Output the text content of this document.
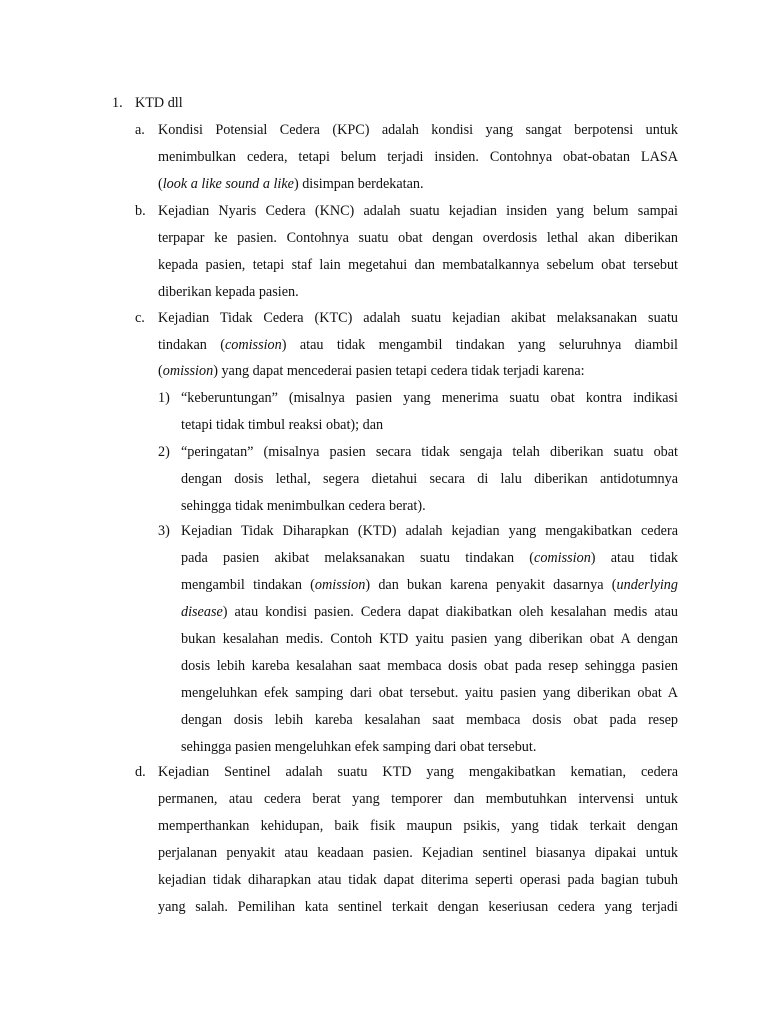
1. KTD dll
a. Kondisi Potensial Cedera (KPC) adalah kondisi yang sangat berpotensi untuk
menimbulkan cedera, tetapi belum terjadi insiden. Contohnya obat-obatan LASA
(look a like sound a like) disimpan berdekatan.
b. Kejadian Nyaris Cedera (KNC) adalah suatu kejadian insiden yang belum sampai
terpapar ke pasien. Contohnya suatu obat dengan overdosis lethal akan diberikan
kepada pasien, tetapi staf lain megetahui dan membatalkannya sebelum obat tersebut
diberikan kepada pasien.
c. Kejadian Tidak Cedera (KTC) adalah suatu kejadian akibat melaksanakan suatu
tindakan (comission) atau tidak mengambil tindakan yang seluruhnya diambil
(omission) yang dapat mencederai pasien tetapi cedera tidak terjadi karena:
1) “keberuntungan” (misalnya pasien yang menerima suatu obat kontra indikasi
tetapi tidak timbul reaksi obat); dan
2) “peringatan” (misalnya pasien secara tidak sengaja telah diberikan suatu obat
dengan dosis lethal, segera dietahui secara di lalu diberikan antidotumnya
sehingga tidak menimbulkan cedera berat).
3) Kejadian Tidak Diharapkan (KTD) adalah kejadian yang mengakibatkan cedera
pada pasien akibat melaksanakan suatu tindakan (comission) atau tidak
mengambil tindakan (omission) dan bukan karena penyakit dasarnya (underlying
disease) atau kondisi pasien. Cedera dapat diakibatkan oleh kesalahan medis atau
bukan kesalahan medis. Contoh KTD yaitu pasien yang diberikan obat A dengan
dosis lebih kareba kesalahan saat membaca dosis obat pada resep sehingga pasien
mengeluhkan efek samping dari obat tersebut. yaitu pasien yang diberikan obat A
dengan dosis lebih kareba kesalahan saat membaca dosis obat pada resep
sehingga pasien mengeluhkan efek samping dari obat tersebut.
d. Kejadian Sentinel adalah suatu KTD yang mengakibatkan kematian, cedera
permanen, atau cedera berat yang temporer dan membutuhkan intervensi untuk
memperthankan kehidupan, baik fisik maupun psikis, yang tidak terkait dengan
perjalanan penyakit atau keadaan pasien. Kejadian sentinel biasanya dipakai untuk
kejadian tidak diharapkan atau tidak dapat diterima seperti operasi pada bagian tubuh
yang salah. Pemilihan kata sentinel terkait dengan keseriusan cedera yang terjadi
